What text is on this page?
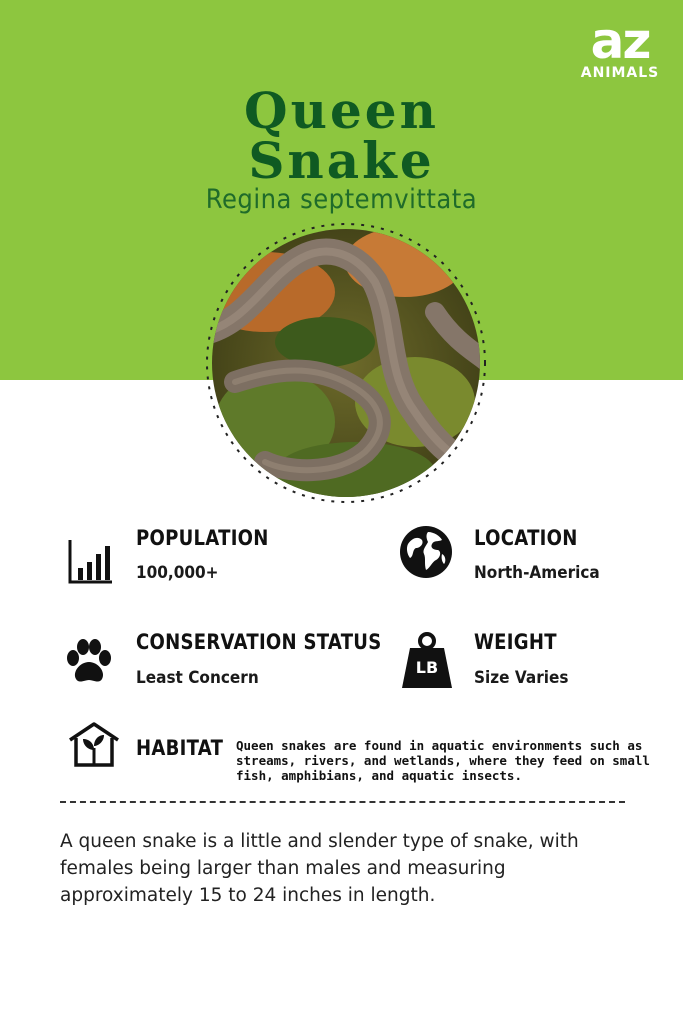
az
ANIMALS
Queen
Snake
Regina septemvittata
POPULATION
100,000+
LOCATION
North-America
CONSERVATION STATUS
Least Concern
LB
WEIGHT
Size Varies
HABITAT Queen snakes are found in aquatic environments such as streams, rivers, and wetlands, where they feed on small fish, amphibians, and aquatic insects.
A queen snake is a little and slender type of snake, with females being larger than males and measuring approximately 15 to 24 inches in length.
